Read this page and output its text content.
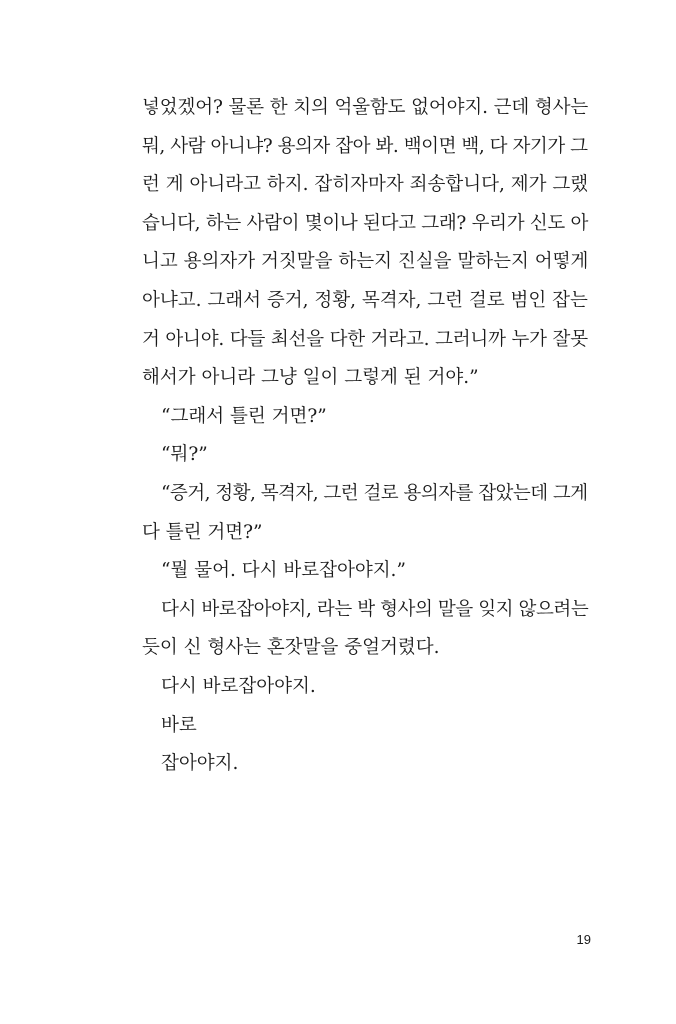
넣었겠어? 물론 한 치의 억울함도 없어야지. 근데 형사는
뭐, 사람 아니냐? 용의자 잡아 봐. 백이면 백, 다 자기가 그
런 게 아니라고 하지. 잡히자마자 죄송합니다, 제가 그랬
습니다, 하는 사람이 몇이나 된다고 그래? 우리가 신도 아
니고 용의자가 거짓말을 하는지 진실을 말하는지 어떻게
아냐고. 그래서 증거, 정황, 목격자, 그런 걸로 범인 잡는
거 아니야. 다들 최선을 다한 거라고. 그러니까 누가 잘못
해서가 아니라 그냥 일이 그렇게 된 거야.”
“그래서 틀린 거면?”
“뭐?”
“증거, 정황, 목격자, 그런 걸로 용의자를 잡았는데 그게
다 틀린 거면?”
“뭘 물어. 다시 바로잡아야지.”
다시 바로잡아야지, 라는 박 형사의 말을 잊지 않으려는
듯이 신 형사는 혼잣말을 중얼거렸다.
다시 바로잡아야지.
바로
잡아야지.
19
